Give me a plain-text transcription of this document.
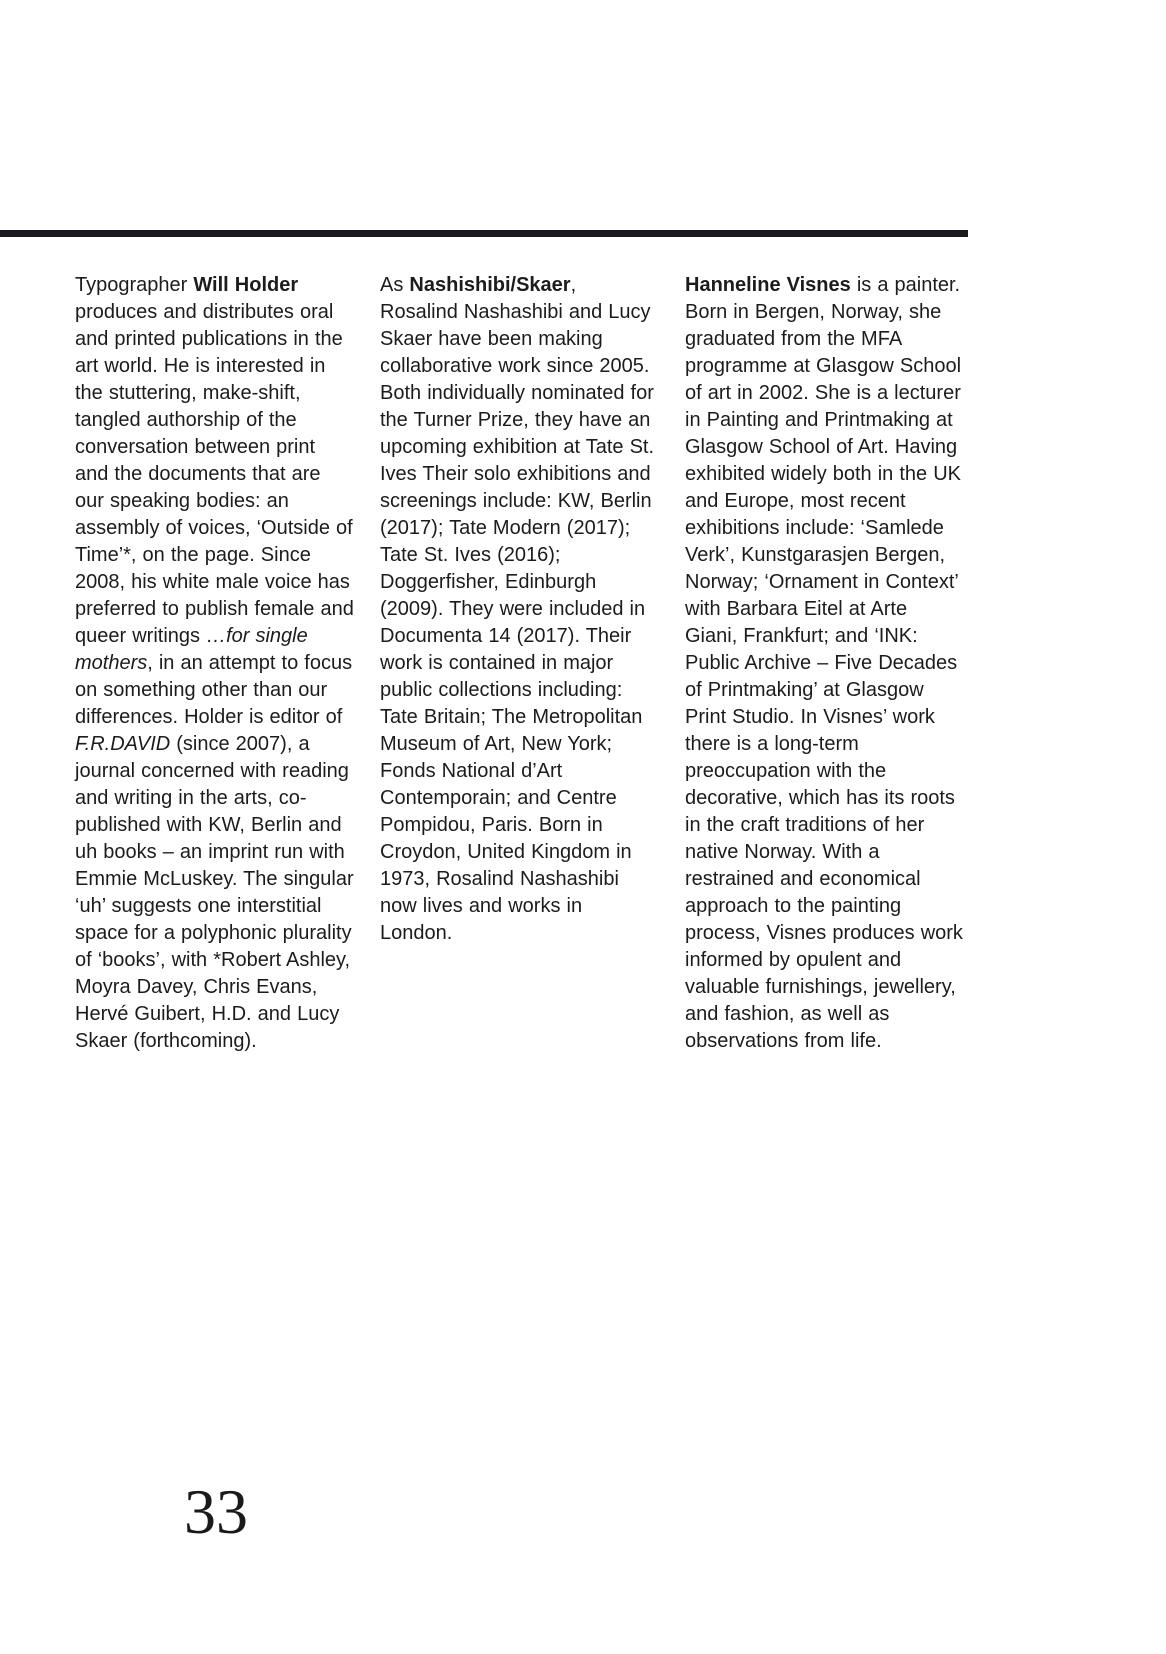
Typographer Will Holder produces and distributes oral and printed publications in the art world. He is interested in the stuttering, make-shift, tangled authorship of the conversation between print and the documents that are our speaking bodies: an assembly of voices, ‘Outside of Time’*, on the page. Since 2008, his white male voice has preferred to publish female and queer writings …for single mothers, in an attempt to focus on something other than our differences. Holder is editor of F.R.DAVID (since 2007), a journal concerned with reading and writing in the arts, co-published with KW, Berlin and uh books – an imprint run with Emmie McLuskey. The singular ‘uh’ suggests one interstitial space for a polyphonic plurality of ‘books’, with *Robert Ashley, Moyra Davey, Chris Evans, Hervé Guibert, H.D. and Lucy Skaer (forthcoming).
As Nashishibi/Skaer, Rosalind Nashashibi and Lucy Skaer have been making collaborative work since 2005. Both individually nominated for the Turner Prize, they have an upcoming exhibition at Tate St. Ives Their solo exhibitions and screenings include: KW, Berlin (2017); Tate Modern (2017); Tate St. Ives (2016); Doggerfisher, Edinburgh (2009). They were included in Documenta 14 (2017). Their work is contained in major public collections including: Tate Britain; The Metropolitan Museum of Art, New York; Fonds National d’Art Contemporain; and Centre Pompidou, Paris. Born in Croydon, United Kingdom in 1973, Rosalind Nashashibi now lives and works in London.
Hanneline Visnes is a painter. Born in Bergen, Norway, she graduated from the MFA programme at Glasgow School of art in 2002. She is a lecturer in Painting and Printmaking at Glasgow School of Art. Having exhibited widely both in the UK and Europe, most recent exhibitions include: ‘Samlede Verk’, Kunstgarasjen Bergen, Norway; ‘Ornament in Context’ with Barbara Eitel at Arte Giani, Frankfurt; and ‘INK: Public Archive – Five Decades of Printmaking’ at Glasgow Print Studio. In Visnes’ work there is a long-term preoccupation with the decorative, which has its roots in the craft traditions of her native Norway. With a restrained and economical approach to the painting process, Visnes produces work informed by opulent and valuable furnishings, jewellery, and fashion, as well as observations from life.
33
